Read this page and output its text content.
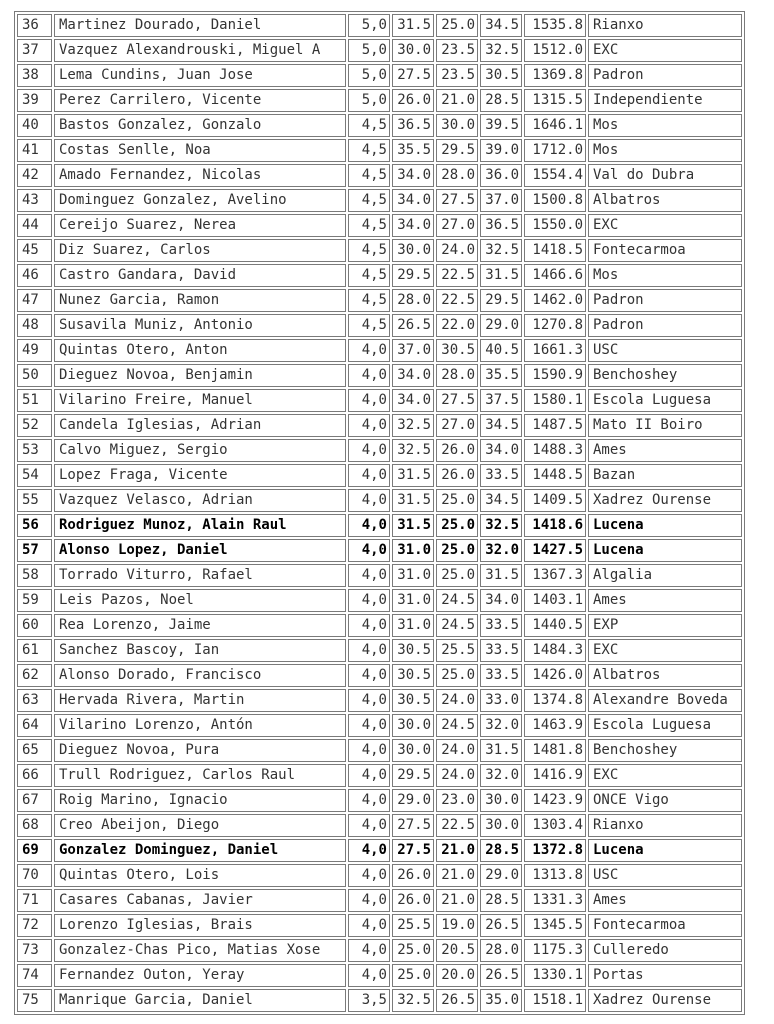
36	Martinez Dourado, Daniel	5,0	31.5	25.0	34.5	1535.8	Rianxo
37	Vazquez Alexandrouski, Miguel A	5,0	30.0	23.5	32.5	1512.0	EXC
38	Lema Cundins, Juan Jose	5,0	27.5	23.5	30.5	1369.8	Padron
39	Perez Carrilero, Vicente	5,0	26.0	21.0	28.5	1315.5	Independiente
40	Bastos Gonzalez, Gonzalo	4,5	36.5	30.0	39.5	1646.1	Mos
41	Costas Senlle, Noa	4,5	35.5	29.5	39.0	1712.0	Mos
42	Amado Fernandez, Nicolas	4,5	34.0	28.0	36.0	1554.4	Val do Dubra
43	Dominguez Gonzalez, Avelino	4,5	34.0	27.5	37.0	1500.8	Albatros
44	Cereijo Suarez, Nerea	4,5	34.0	27.0	36.5	1550.0	EXC
45	Diz Suarez, Carlos	4,5	30.0	24.0	32.5	1418.5	Fontecarmoa
46	Castro Gandara, David	4,5	29.5	22.5	31.5	1466.6	Mos
47	Nunez Garcia, Ramon	4,5	28.0	22.5	29.5	1462.0	Padron
48	Susavila Muniz, Antonio	4,5	26.5	22.0	29.0	1270.8	Padron
49	Quintas Otero, Anton	4,0	37.0	30.5	40.5	1661.3	USC
50	Dieguez Novoa, Benjamin	4,0	34.0	28.0	35.5	1590.9	Benchoshey
51	Vilarino Freire, Manuel	4,0	34.0	27.5	37.5	1580.1	Escola Luguesa
52	Candela Iglesias, Adrian	4,0	32.5	27.0	34.5	1487.5	Mato II Boiro
53	Calvo Miguez, Sergio	4,0	32.5	26.0	34.0	1488.3	Ames
54	Lopez Fraga, Vicente	4,0	31.5	26.0	33.5	1448.5	Bazan
55	Vazquez Velasco, Adrian	4,0	31.5	25.0	34.5	1409.5	Xadrez Ourense
56	Rodriguez Munoz, Alain Raul	4,0	31.5	25.0	32.5	1418.6	Lucena
57	Alonso Lopez, Daniel	4,0	31.0	25.0	32.0	1427.5	Lucena
58	Torrado Viturro, Rafael	4,0	31.0	25.0	31.5	1367.3	Algalia
59	Leis Pazos, Noel	4,0	31.0	24.5	34.0	1403.1	Ames
60	Rea Lorenzo, Jaime	4,0	31.0	24.5	33.5	1440.5	EXP
61	Sanchez Bascoy, Ian	4,0	30.5	25.5	33.5	1484.3	EXC
62	Alonso Dorado, Francisco	4,0	30.5	25.0	33.5	1426.0	Albatros
63	Hervada Rivera, Martin	4,0	30.5	24.0	33.0	1374.8	Alexandre Boveda
64	Vilarino Lorenzo, Antón	4,0	30.0	24.5	32.0	1463.9	Escola Luguesa
65	Dieguez Novoa, Pura	4,0	30.0	24.0	31.5	1481.8	Benchoshey
66	Trull Rodriguez, Carlos Raul	4,0	29.5	24.0	32.0	1416.9	EXC
67	Roig Marino, Ignacio	4,0	29.0	23.0	30.0	1423.9	ONCE Vigo
68	Creo Abeijon, Diego	4,0	27.5	22.5	30.0	1303.4	Rianxo
69	Gonzalez Dominguez, Daniel	4,0	27.5	21.0	28.5	1372.8	Lucena
70	Quintas Otero, Lois	4,0	26.0	21.0	29.0	1313.8	USC
71	Casares Cabanas, Javier	4,0	26.0	21.0	28.5	1331.3	Ames
72	Lorenzo Iglesias, Brais	4,0	25.5	19.0	26.5	1345.5	Fontecarmoa
73	Gonzalez-Chas Pico, Matias Xose	4,0	25.0	20.5	28.0	1175.3	Culleredo
74	Fernandez Outon, Yeray	4,0	25.0	20.0	26.5	1330.1	Portas
75	Manrique Garcia, Daniel	3,5	32.5	26.5	35.0	1518.1	Xadrez Ourense
